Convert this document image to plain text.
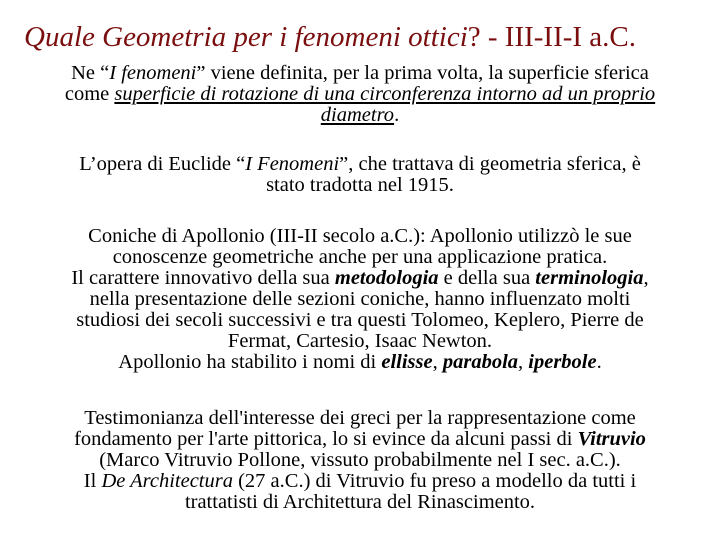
Quale Geometria per i fenomeni ottici? - III-II-I a.C.
Ne “I fenomeni” viene definita, per la prima volta, la superficie sferica
come superficie di rotazione di una circonferenza intorno ad un proprio
diametro.
L’opera di Euclide “I Fenomeni”, che trattava di geometria sferica, è
stato tradotta nel 1915.
Coniche di Apollonio (III-II secolo a.C.): Apollonio utilizzò le sue
conoscenze geometriche anche per una applicazione pratica.
Il carattere innovativo della sua metodologia e della sua terminologia,
nella presentazione delle sezioni coniche, hanno influenzato molti
studiosi dei secoli successivi e tra questi Tolomeo, Keplero, Pierre de
Fermat, Cartesio, Isaac Newton.
Apollonio ha stabilito i nomi di ellisse, parabola, iperbole.
Testimonianza dell'interesse dei greci per la rappresentazione come
fondamento per l'arte pittorica, lo si evince da alcuni passi di Vitruvio
(Marco Vitruvio Pollone, vissuto probabilmente nel I sec. a.C.).
Il De Architectura (27 a.C.) di Vitruvio fu preso a modello da tutti i
trattatisti di Architettura del Rinascimento.
